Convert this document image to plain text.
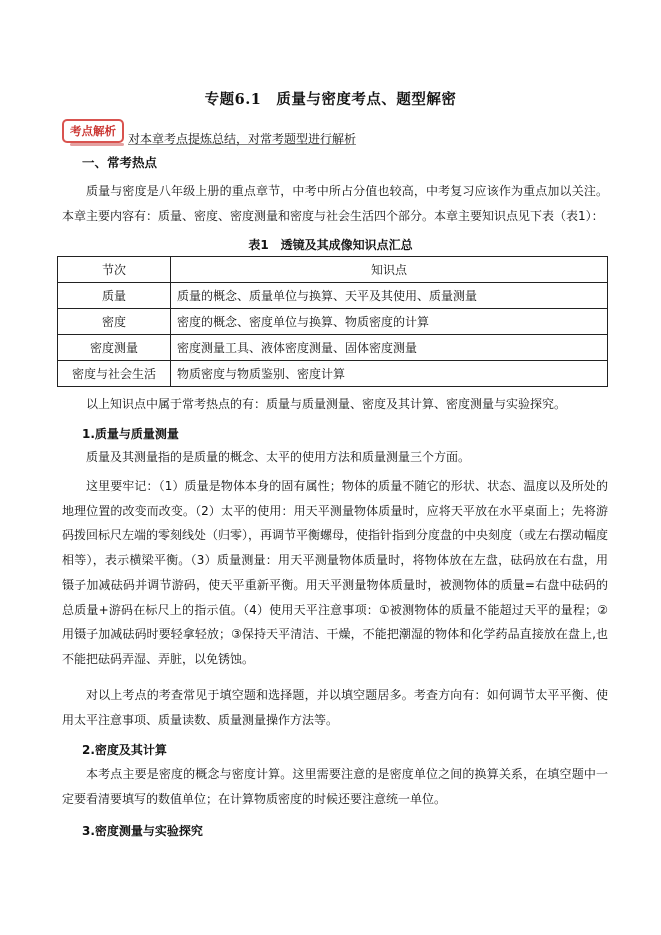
专题6.1　质量与密度考点、题型解密
考点解析
对本章考点提炼总结，对常考题型进行解析
一、常考热点

质量与密度是八年级上册的重点章节，中考中所占分值也较高，中考复习应该作为重点加以关注。本章主要内容有：质量、密度、密度测量和密度与社会生活四个部分。本章主要知识点见下表（表1）：

表1　透镜及其成像知识点汇总
节次	知识点
质量	质量的概念、质量单位与换算、天平及其使用、质量测量
密度	密度的概念、密度单位与换算、物质密度的计算
密度测量	密度测量工具、液体密度测量、固体密度测量
密度与社会生活	物质密度与物质鉴别、密度计算

以上知识点中属于常考热点的有：质量与质量测量、密度及其计算、密度测量与实验探究。

1.质量与质量测量

质量及其测量指的是质量的概念、太平的使用方法和质量测量三个方面。

这里要牢记：（1）质量是物体本身的固有属性；物体的质量不随它的形状、状态、温度以及所处的地理位置的改变而改变。（2）太平的使用：用天平测量物体质量时，应将天平放在水平桌面上；先将游码拨回标尺左端的零刻线处（归零），再调节平衡螺母，使指针指到分度盘的中央刻度（或左右摆动幅度相等），表示横梁平衡。（3）质量测量：用天平测量物体质量时，将物体放在左盘，砝码放在右盘，用镊子加减砝码并调节游码，使天平重新平衡。用天平测量物体质量时，被测物体的质量=右盘中砝码的总质量+游码在标尺上的指示值。（4）使用天平注意事项：①被测物体的质量不能超过天平的量程；②用镊子加减砝码时要轻拿轻放；③保持天平清洁、干燥，不能把潮湿的物体和化学药品直接放在盘上,也不能把砝码弄湿、弄脏，以免锈蚀。

对以上考点的考查常见于填空题和选择题，并以填空题居多。考查方向有：如何调节太平平衡、使用太平注意事项、质量读数、质量测量操作方法等。

2.密度及其计算

本考点主要是密度的概念与密度计算。这里需要注意的是密度单位之间的换算关系，在填空题中一定要看清要填写的数值单位；在计算物质密度的时候还要注意统一单位。

3.密度测量与实验探究
